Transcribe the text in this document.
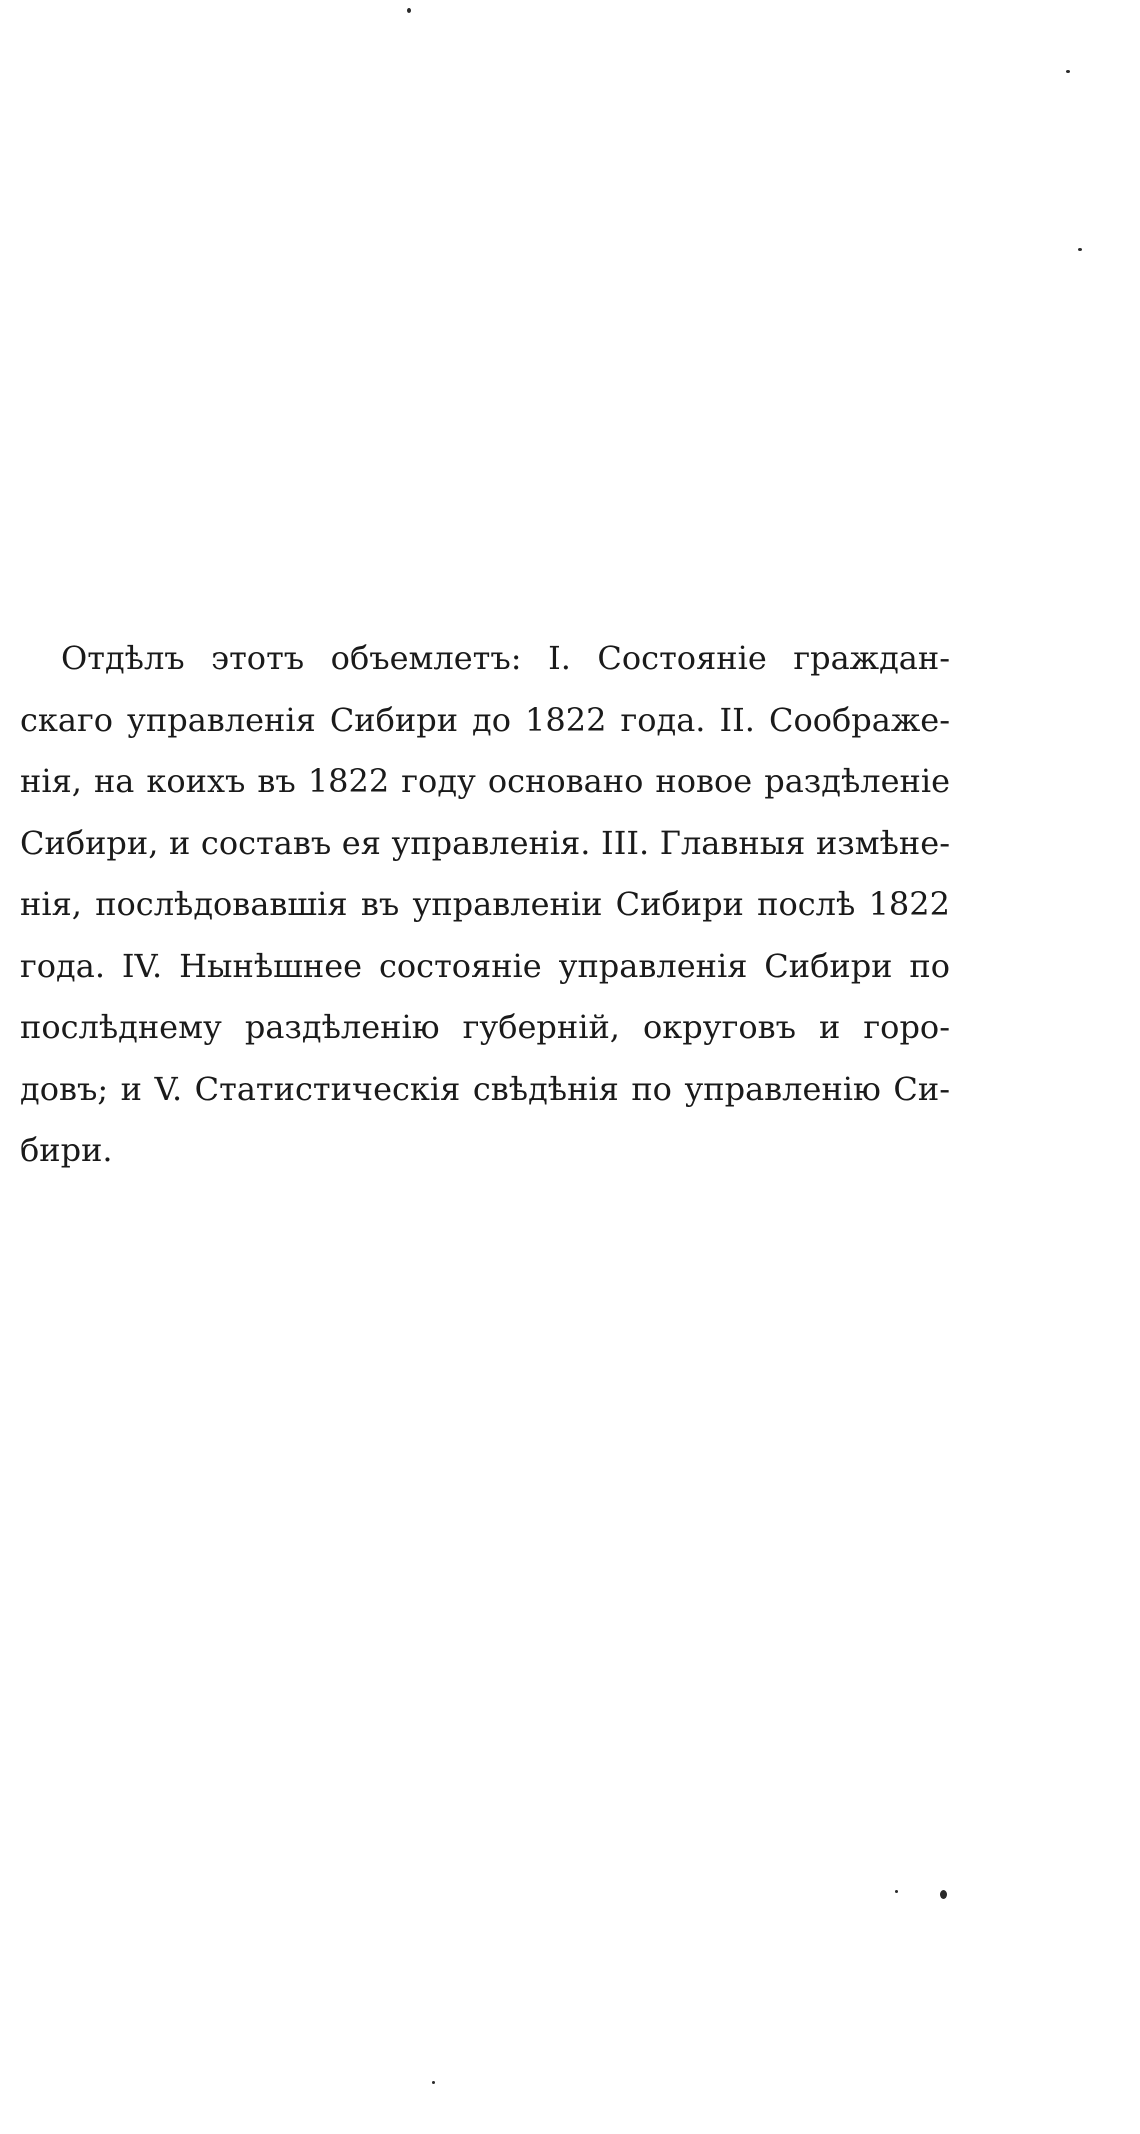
Отдѣлъ этотъ объемлетъ: I. Состояніе граждан-
скаго управленія Сибири до 1822 года. II. Соображе-
нія, на коихъ въ 1822 году основано новое раздѣленіе
Сибири, и составъ ея управленія. III. Главныя измѣне-
нія, послѣдовавшія въ управленіи Сибири послѣ 1822
года. IV. Нынѣшнее состояніе управленія Сибири по
послѣднему раздѣленію губерній, округовъ и горо-
довъ; и V. Статистическія свѣдѣнія по управленію Си-
бири.
